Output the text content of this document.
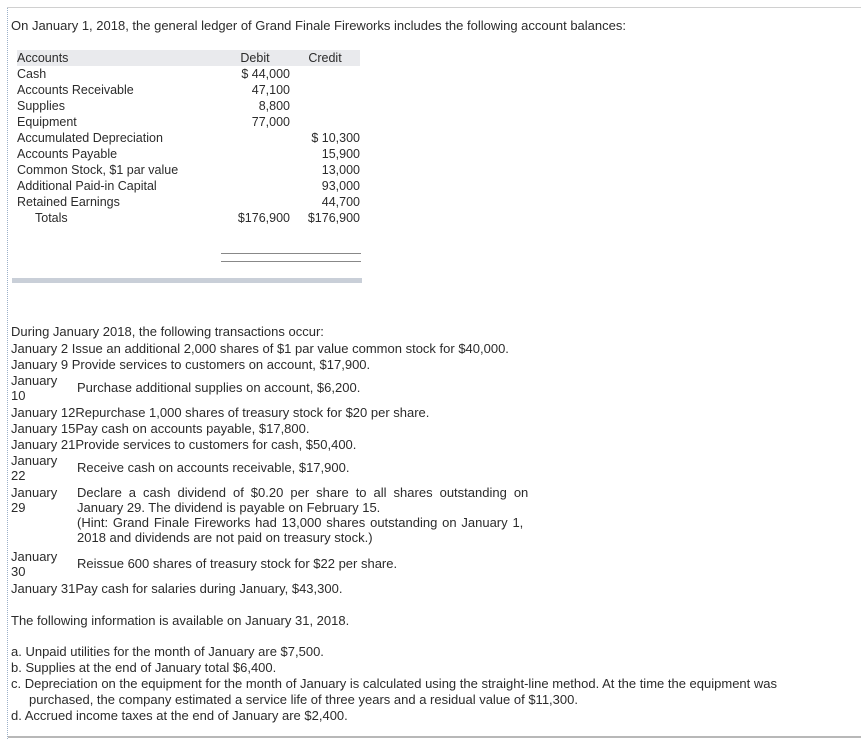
On January 1, 2018, the general ledger of Grand Finale Fireworks includes the following account balances:
Accounts	Debit	Credit
Cash	$ 44,000	
Accounts Receivable	47,100	
Supplies	8,800	
Equipment	77,000	
Accumulated Depreciation		$ 10,300
Accounts Payable		15,900
Common Stock, $1 par value		13,000
Additional Paid-in Capital		93,000
Retained Earnings		44,700
Totals	$176,900	$176,900
During January 2018, the following transactions occur:
January 2 Issue an additional 2,000 shares of $1 par value common stock for $40,000.
January 9 Provide services to customers on account, $17,900.
January
10
Purchase additional supplies on account, $6,200.
January 12Repurchase 1,000 shares of treasury stock for $20 per share.
January 15Pay cash on accounts payable, $17,800.
January 21Provide services to customers for cash, $50,400.
January
22
Receive cash on accounts receivable, $17,900.
January
29
Declare a cash dividend of $0.20 per share to all shares outstanding on
January 29. The dividend is payable on February 15.
(Hint: Grand Finale Fireworks had 13,000 shares outstanding on January 1,
2018 and dividends are not paid on treasury stock.)
January
30
Reissue 600 shares of treasury stock for $22 per share.
January 31Pay cash for salaries during January, $43,300.
The following information is available on January 31, 2018.
a. Unpaid utilities for the month of January are $7,500.
b. Supplies at the end of January total $6,400.
c. Depreciation on the equipment for the month of January is calculated using the straight-line method. At the time the equipment was
purchased, the company estimated a service life of three years and a residual value of $11,300.
d. Accrued income taxes at the end of January are $2,400.
